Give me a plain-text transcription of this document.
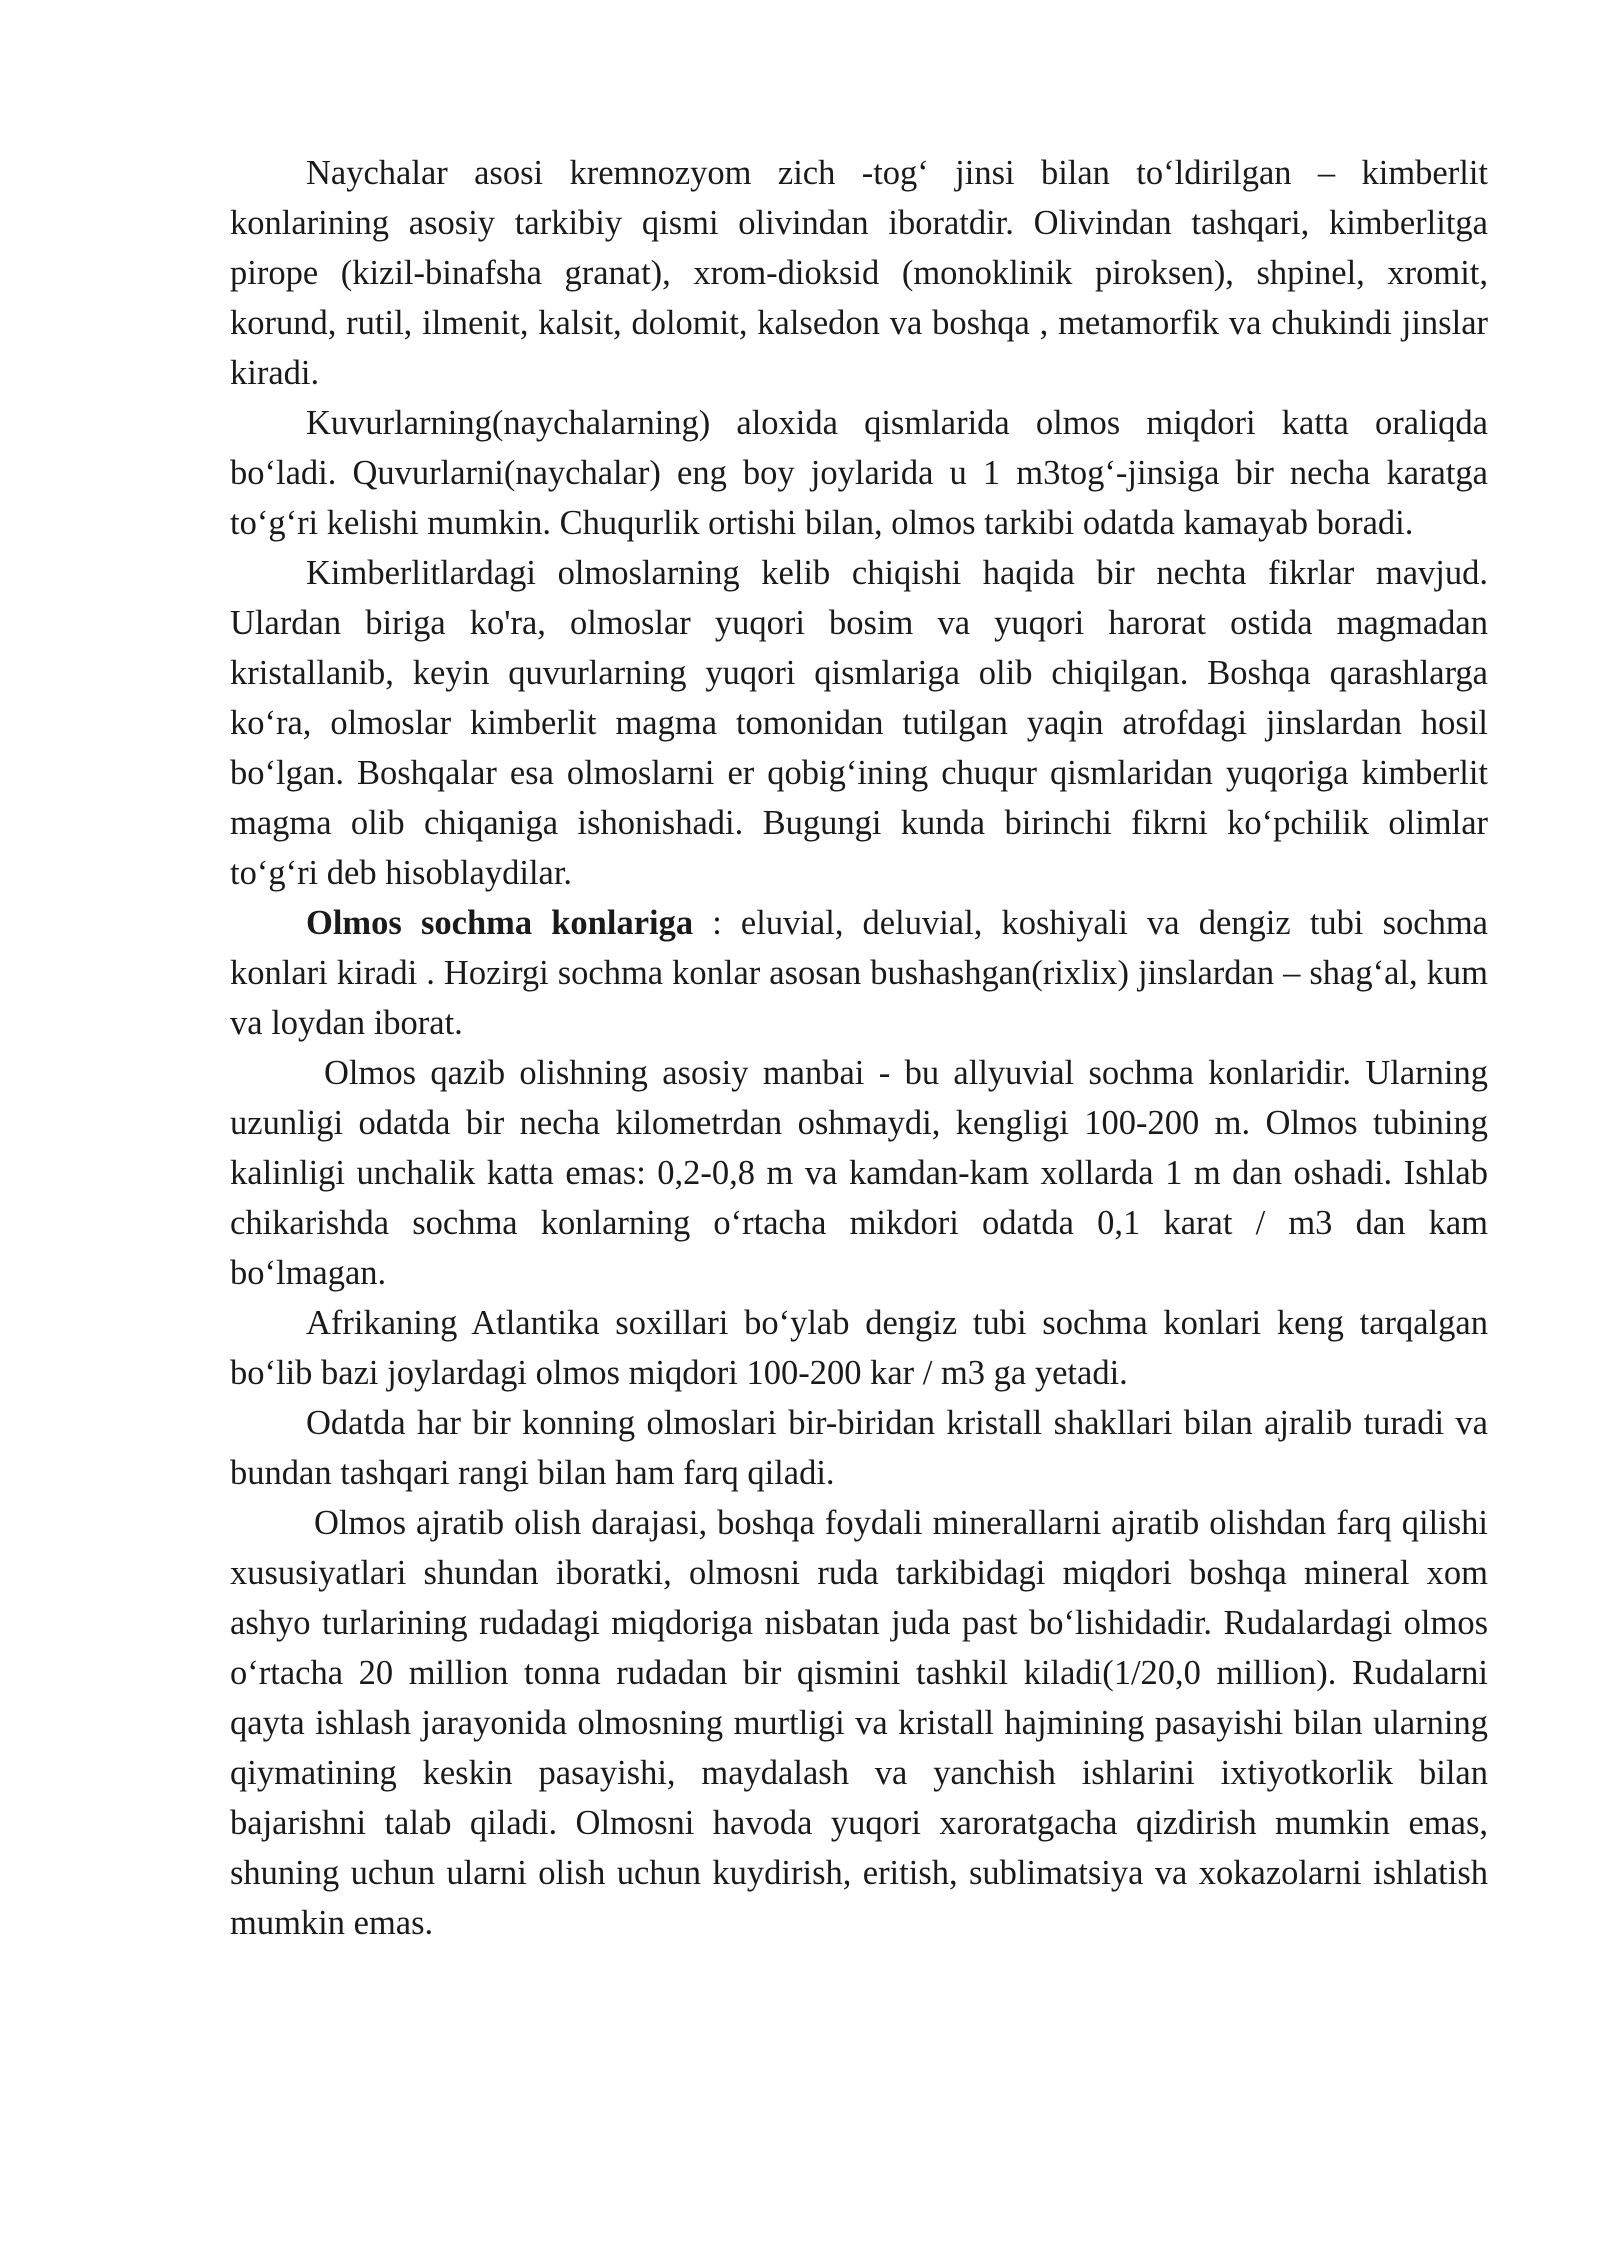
Naychalar asosi kremnozyom zich -tog‘ jinsi bilan to‘ldirilgan – kimberlit konlarining asosiy tarkibiy qismi olivindan iboratdir. Olivindan tashqari, kimberlitga pirope (kizil-binafsha granat), xrom-dioksid (monoklinik piroksen), shpinel, xromit, korund, rutil, ilmenit, kalsit, dolomit, kalsedon va boshqa , metamorfik va chukindi jinslar kiradi.

Kuvurlarning(naychalarning) aloxida qismlarida olmos miqdori katta oraliqda bo‘ladi. Quvurlarni(naychalar) eng boy joylarida u 1 m3tog‘-jinsiga bir necha karatga to‘g‘ri kelishi mumkin. Chuqurlik ortishi bilan, olmos tarkibi odatda kamayab boradi.

Kimberlitlardagi olmoslarning kelib chiqishi haqida bir nechta fikrlar mavjud. Ulardan biriga ko'ra, olmoslar yuqori bosim va yuqori harorat ostida magmadan kristallanib, keyin quvurlarning yuqori qismlariga olib chiqilgan. Boshqa qarashlarga ko‘ra, olmoslar kimberlit magma tomonidan tutilgan yaqin atrofdagi jinslardan hosil bo‘lgan. Boshqalar esa olmoslarni er qobig‘ining chuqur qismlaridan yuqoriga kimberlit magma olib chiqaniga ishonishadi. Bugungi kunda birinchi fikrni ko‘pchilik olimlar to‘g‘ri deb hisoblaydilar.

Olmos sochma konlariga : eluvial, deluvial, koshiyali va dengiz tubi sochma konlari kiradi . Hozirgi sochma konlar asosan bushashgan(rixlix) jinslardan – shag‘al, kum va loydan iborat.

Olmos qazib olishning asosiy manbai - bu allyuvial sochma konlaridir. Ularning uzunligi odatda bir necha kilometrdan oshmaydi, kengligi 100-200 m. Olmos tubining kalinligi unchalik katta emas: 0,2-0,8 m va kamdan-kam xollarda 1 m dan oshadi. Ishlab chikarishda sochma konlarning o‘rtacha mikdori odatda 0,1 karat / m3 dan kam bo‘lmagan.

Afrikaning Atlantika soxillari bo‘ylab dengiz tubi sochma konlari keng tarqalgan bo‘lib bazi joylardagi olmos miqdori 100-200 kar / m3 ga yetadi.

Odatda har bir konning olmoslari bir-biridan kristall shakllari bilan ajralib turadi va bundan tashqari rangi bilan ham farq qiladi.

Olmos ajratib olish darajasi, boshqa foydali minerallarni ajratib olishdan farq qilishi xususiyatlari shundan iboratki, olmosni ruda tarkibidagi miqdori boshqa mineral xom ashyo turlarining rudadagi miqdoriga nisbatan juda past bo‘lishidadir. Rudalardagi olmos o‘rtacha 20 million tonna rudadan bir qismini tashkil kiladi(1/20,0 million). Rudalarni qayta ishlash jarayonida olmosning murtligi va kristall hajmining pasayishi bilan ularning qiymatining keskin pasayishi, maydalash va yanchish ishlarini ixtiyotkorlik bilan bajarishni talab qiladi. Olmosni havoda yuqori xaroratgacha qizdirish mumkin emas, shuning uchun ularni olish uchun kuydirish, eritish, sublimatsiya va xokazolarni ishlatish mumkin emas.
